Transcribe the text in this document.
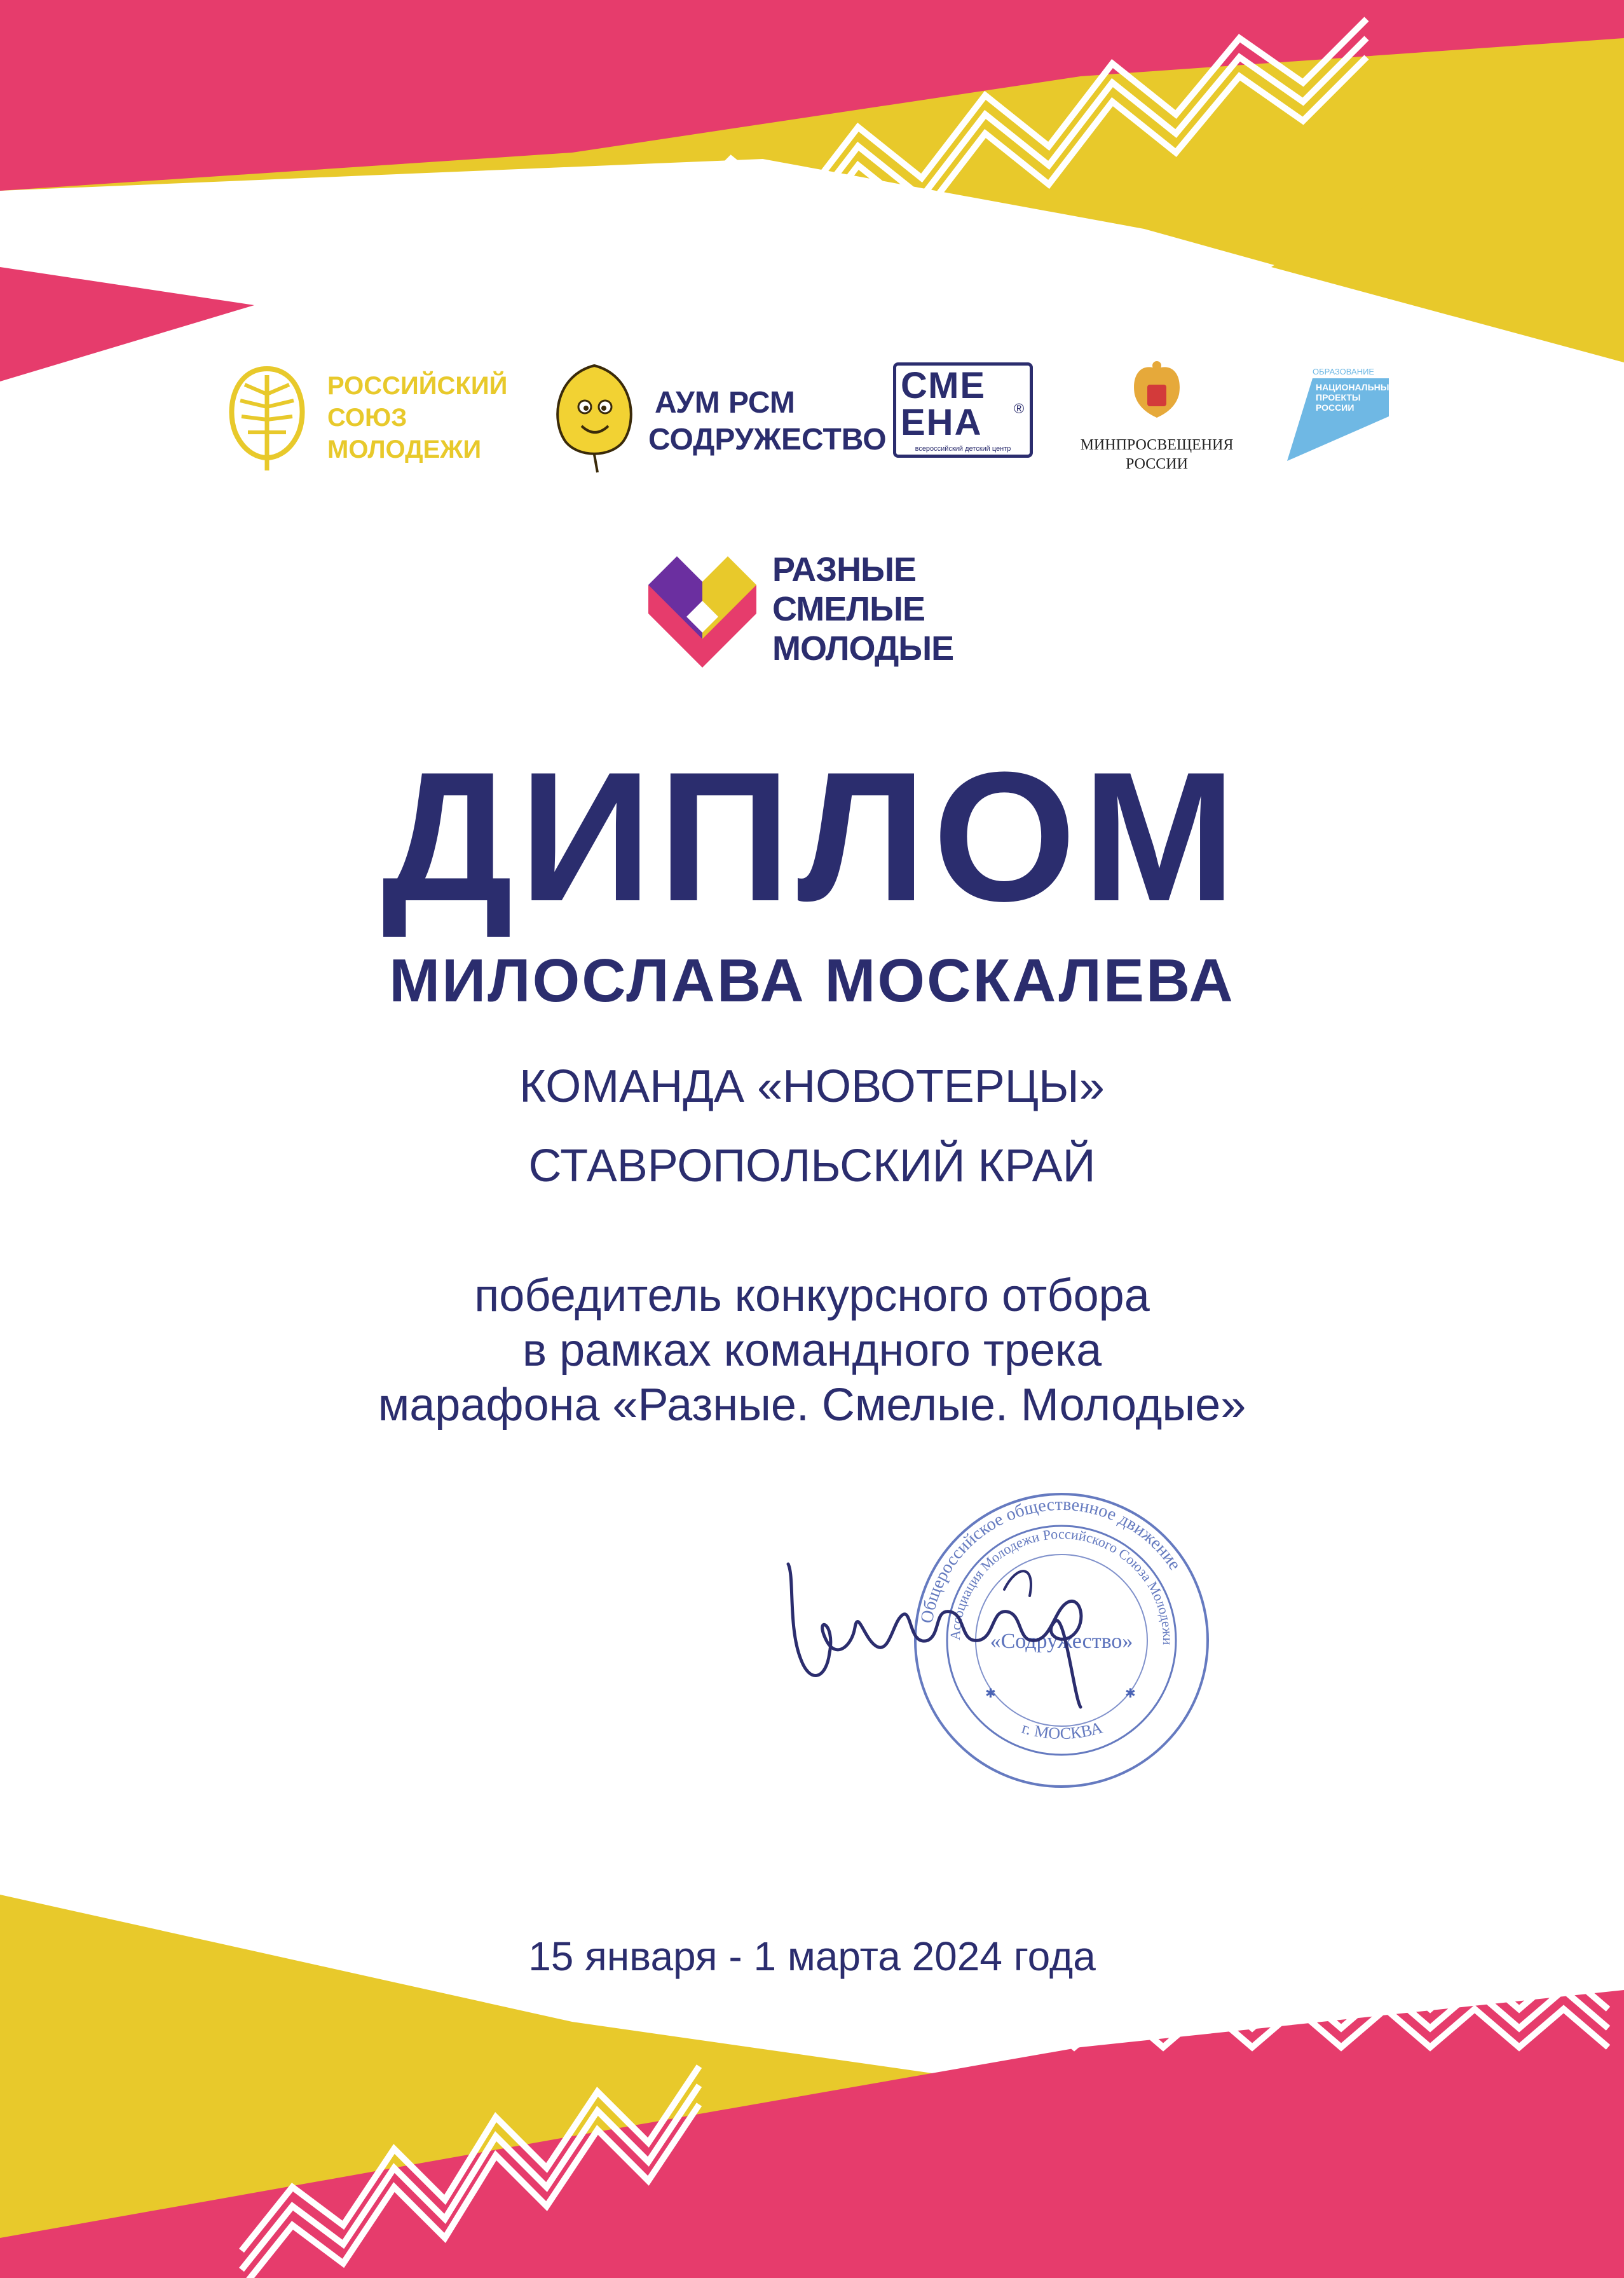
РОССИЙСКИЙ
СОЮЗ
МОЛОДЕЖИ
АУМ РСМ
СОДРУЖЕСТВО
СМЕ
ЕНА ®
всероссийский детский центр	МИНПРОСВЕЩЕНИЯ
РОССИИ
ОБРАЗОВАНИЕ
НАЦИОНАЛЬНЫЕ
ПРОЕКТЫ
РОССИИ
РАЗНЫЕ
СМЕЛЫЕ
МОЛОДЫЕ
ДИПЛОМ
МИЛОСЛАВА МОСКАЛЕВА
КОМАНДА «НОВОТЕРЦЫ»
СТАВРОПОЛЬСКИЙ КРАЙ
победитель конкурсного отбора
в рамках командного трека
марафона «Разные. Смелые. Молодые»
Общероссийское общественное движение
Ассоциация Молодежи Российского Союза Молодежи
«Содружество»
г. МОСКВА
✱	✱
15 января - 1 марта 2024 года
